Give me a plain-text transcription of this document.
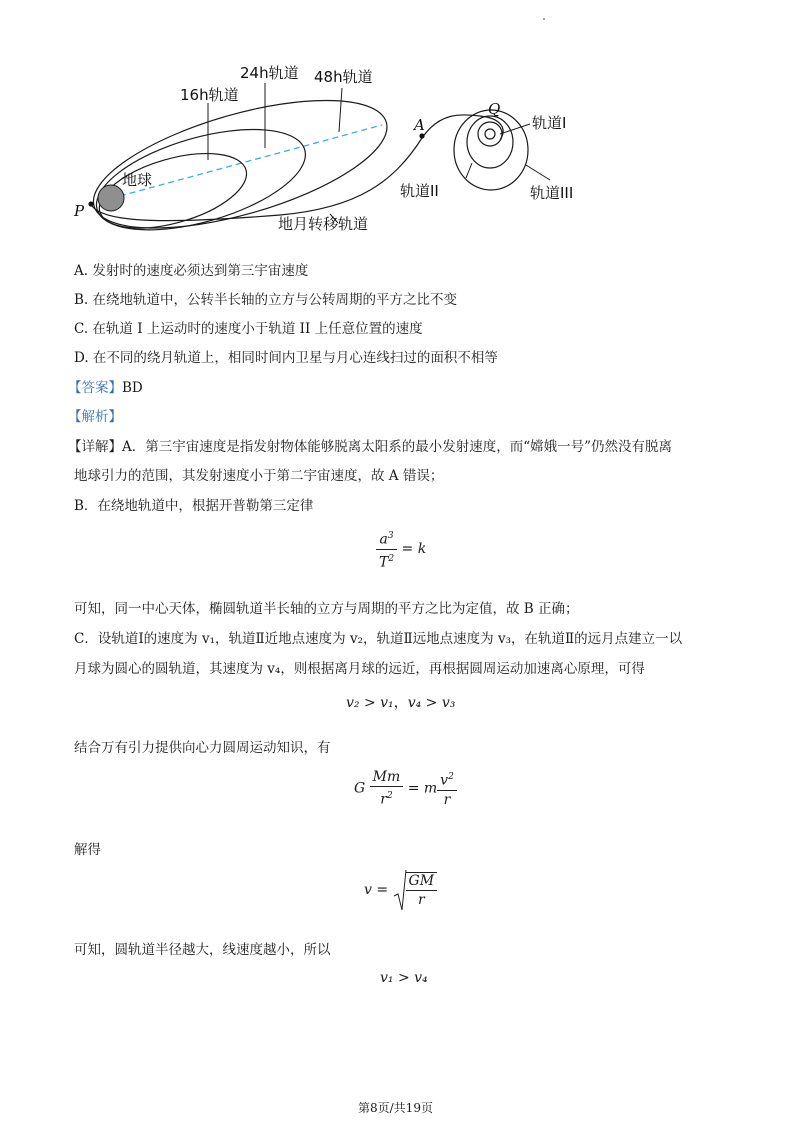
16h轨道
24h轨道 48h轨道
地球
P
A
Q
轨道I
轨道II	轨道III
地月转移轨道
A. 发射时的速度必须达到第三宇宙速度
B. 在绕地轨道中，公转半长轴的立方与公转周期的平方之比不变
C. 在轨道 I 上运动时的速度小于轨道 II 上任意位置的速度
D. 在不同的绕月轨道上，相同时间内卫星与月心连线扫过的面积不相等
【答案】BD
【解析】
【详解】A．第三宇宙速度是指发射物体能够脱离太阳系的最小发射速度，而“嫦娥一号”仍然没有脱离
地球引力的范围，其发射速度小于第二宇宙速度，故 A 错误；
B．在绕地轨道中，根据开普勒第三定律
$\frac{a^3}{T^2} = k$
可知，同一中心天体，椭圆轨道半长轴的立方与周期的平方之比为定值，故 B 正确；
C．设轨道Ⅰ的速度为 v₁，轨道Ⅱ近地点速度为 v₂，轨道Ⅱ远地点速度为 v₃，在轨道Ⅱ的远月点建立一以
月球为圆心的圆轨道，其速度为 v₄，则根据离月球的远近，再根据圆周运动加速离心原理，可得
v₂ > v₁，v₄ > v₃
结合万有引力提供向心力圆周运动知识，有
G $\frac{Mm}{r^2} = m \frac{v^2}{r}$
解得
$v = \frac{GM}{r}$
可知，圆轨道半径越大，线速度越小，所以
v₁ > v₄
第8页/共19页
